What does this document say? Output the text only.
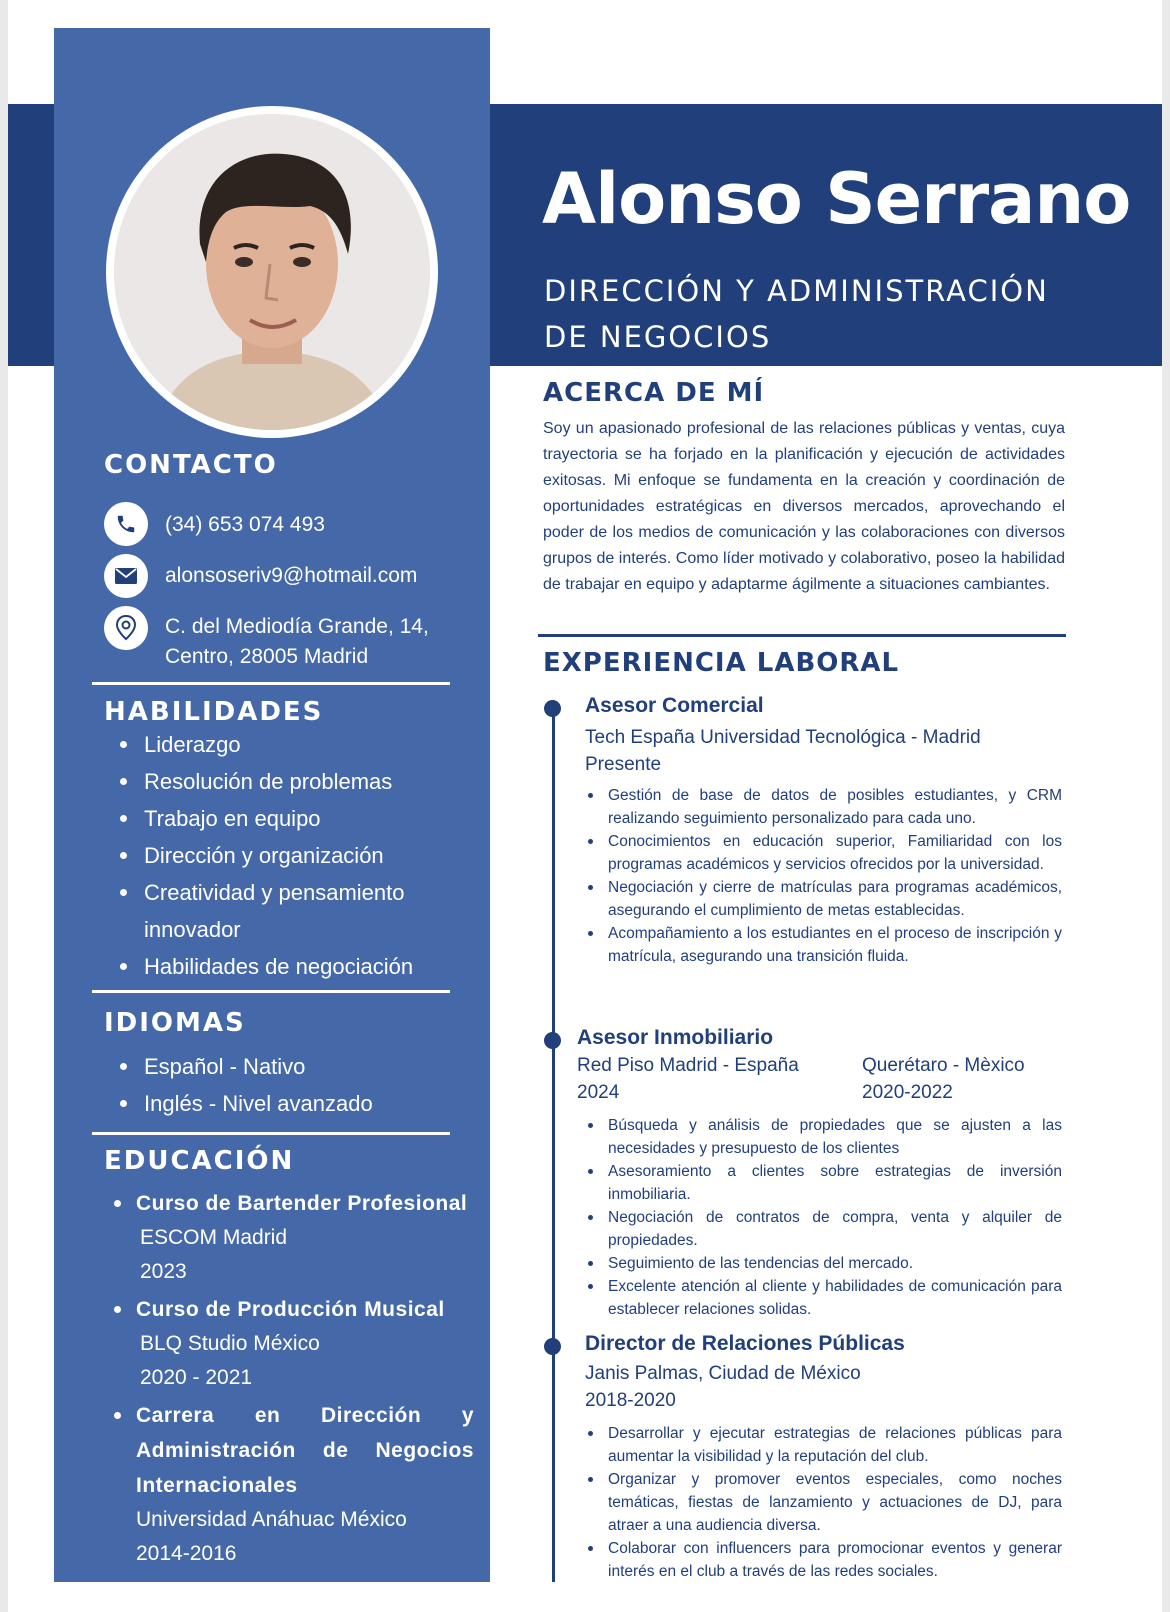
Alonso Serrano
DIRECCIÓN Y ADMINISTRACIÓN
DE NEGOCIOS
CONTACTO
(34) 653 074 493
alonsoseriv9@hotmail.com
C. del Mediodía Grande, 14,
Centro, 28005 Madrid
HABILIDADES
Liderazgo
Resolución de problemas
Trabajo en equipo
Dirección y organización
Creatividad y pensamiento innovador
Habilidades de negociación
IDIOMAS
Español - Nativo
Inglés - Nivel avanzado
EDUCACIÓN
Curso de Bartender Profesional
ESCOM Madrid
2023
Curso de Producción Musical
BLQ Studio México
2020 - 2021
Carrera en Dirección y Administración de Negocios Internacionales
Universidad Anáhuac México
2014-2016
ACERCA DE MÍ
Soy un apasionado profesional de las relaciones públicas y ventas, cuya trayectoria se ha forjado en la planificación y ejecución de actividades exitosas. Mi enfoque se fundamenta en la creación y coordinación de oportunidades estratégicas en diversos mercados, aprovechando el poder de los medios de comunicación y las colaboraciones con diversos grupos de interés. Como líder motivado y colaborativo, poseo la habilidad de trabajar en equipo y adaptarme ágilmente a situaciones cambiantes.
EXPERIENCIA LABORAL
Asesor Comercial
Tech España Universidad Tecnológica - Madrid
Presente
Gestión de base de datos de posibles estudiantes, y CRM realizando seguimiento personalizado para cada uno.
Conocimientos en educación superior, Familiaridad con los programas académicos y servicios ofrecidos por la universidad.
Negociación y cierre de matrículas para programas académicos, asegurando el cumplimiento de metas establecidas.
Acompañamiento a los estudiantes en el proceso de inscripción y matrícula, asegurando una transición fluida.
Asesor Inmobiliario
Red Piso Madrid - España
2024
Querétaro - Mèxico
2020-2022
Búsqueda y análisis de propiedades que se ajusten a las necesidades y presupuesto de los clientes
Asesoramiento a clientes sobre estrategias de inversión inmobiliaria.
Negociación de contratos de compra, venta y alquiler de propiedades.
Seguimiento de las tendencias del mercado.
Excelente atención al cliente y habilidades de comunicación para establecer relaciones solidas.
Director de Relaciones Públicas
Janis Palmas, Ciudad de México
2018-2020
Desarrollar y ejecutar estrategias de relaciones públicas para aumentar la visibilidad y la reputación del club.
Organizar y promover eventos especiales, como noches temáticas, fiestas de lanzamiento y actuaciones de DJ, para atraer a una audiencia diversa.
Colaborar con influencers para promocionar eventos y generar interés en el club a través de las redes sociales.
